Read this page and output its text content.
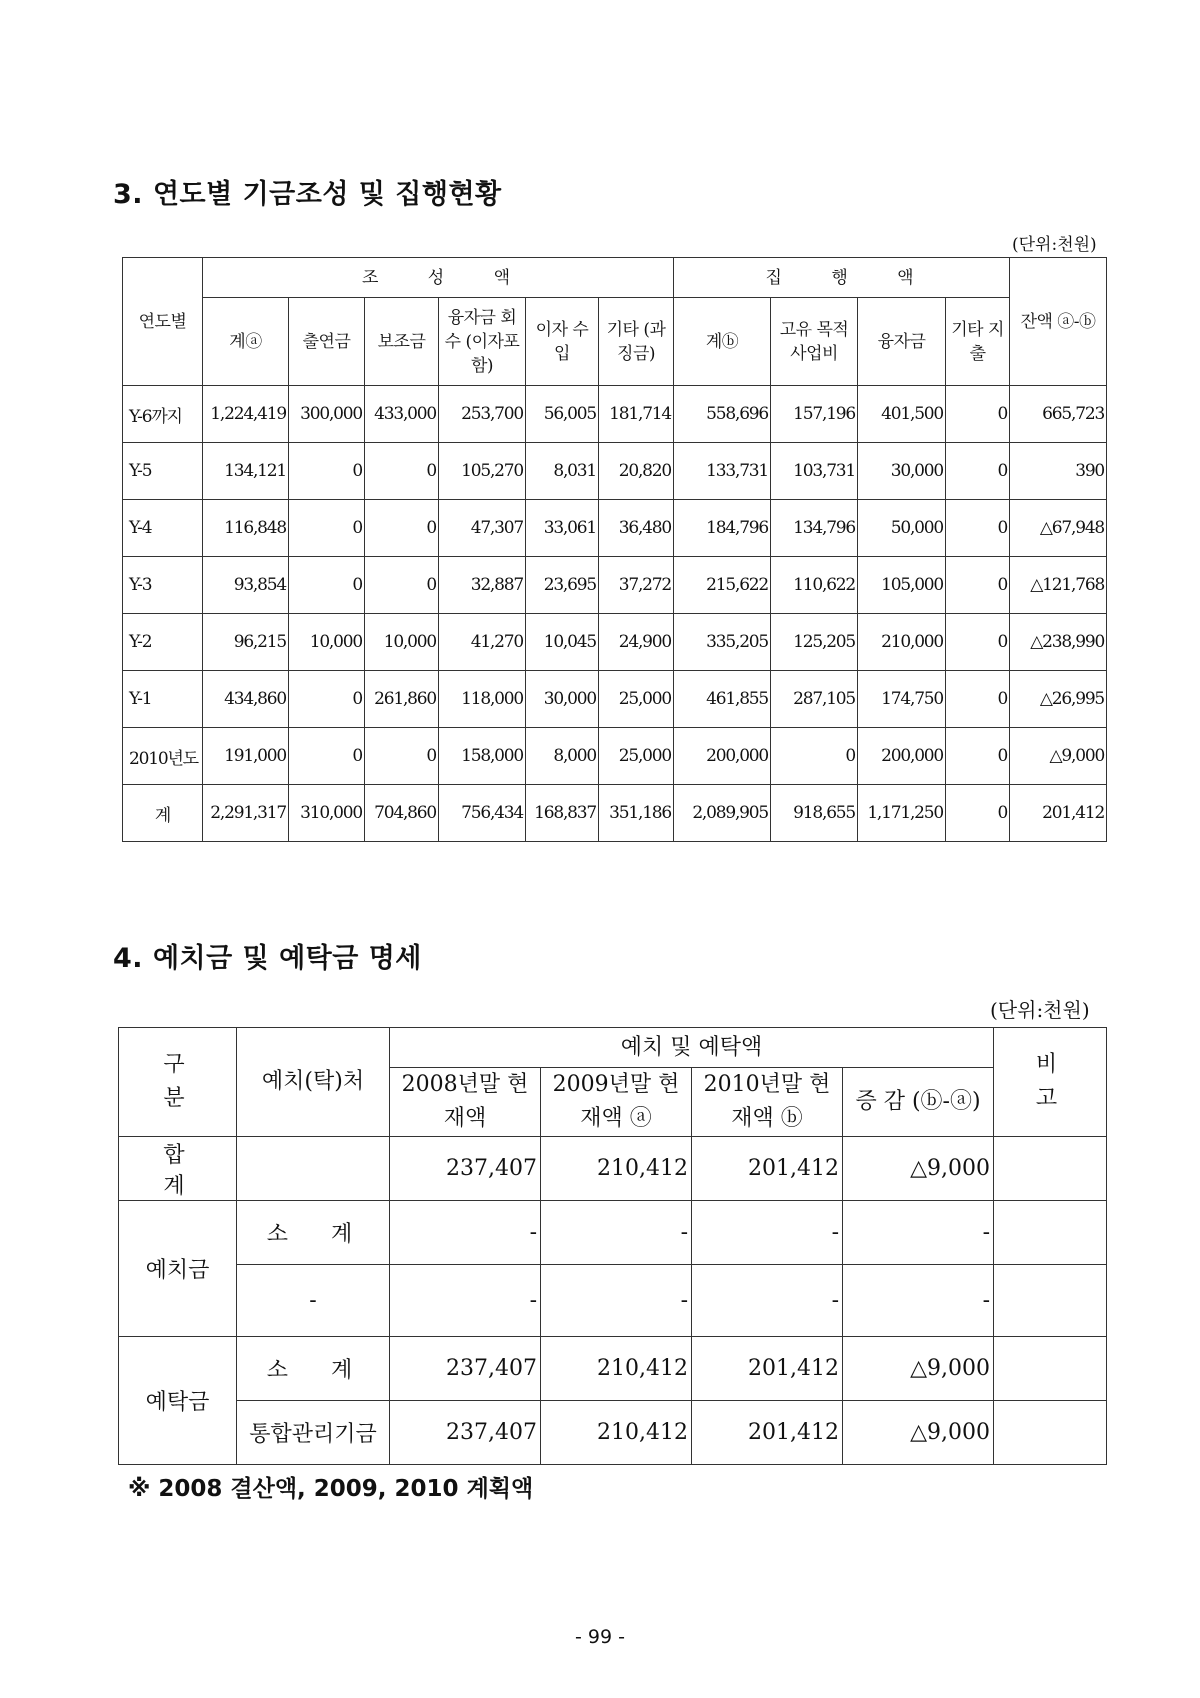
3. 연도별 기금조성 및 집행현황
(단위:천원)
연도별	조 성 액						집 행 액				잔액 ⓐ-ⓑ
	계ⓐ	출연금	보조금	융자금 회 수 (이자포함)	이자 수입	기타 (과징금)	계ⓑ	고유 목적 사업비	융자금	기타 지출	
Y-6까지	1,224,419	300,000	433,000	253,700	56,005	181,714	558,696	157,196	401,500	0	665,723
Y-5	134,121	0	0	105,270	8,031	20,820	133,731	103,731	30,000	0	390
Y-4	116,848	0	0	47,307	33,061	36,480	184,796	134,796	50,000	0	△67,948
Y-3	93,854	0	0	32,887	23,695	37,272	215,622	110,622	105,000	0	△121,768
Y-2	96,215	10,000	10,000	41,270	10,045	24,900	335,205	125,205	210,000	0	△238,990
Y-1	434,860	0	261,860	118,000	30,000	25,000	461,855	287,105	174,750	0	△26,995
2010년도	191,000	0	0	158,000	8,000	25,000	200,000	0	200,000	0	△9,000
계	2,291,317	310,000	704,860	756,434	168,837	351,186	2,089,905	918,655	1,171,250	0	201,412
4. 예치금 및 예탁금 명세
(단위:천원)
구 분	예치(탁)처	예치 및 예탁액				비 고
		2008년말 현재액	2009년말 현재액 ⓐ	2010년말 현재액 ⓑ	증 감 (ⓑ-ⓐ)	
합 계		237,407	210,412	201,412	△9,000	
예치금	소 계	-	-	-	-	
	-	-	-	-	-	
예탁금	소 계	237,407	210,412	201,412	△9,000	
	통합관리기금	237,407	210,412	201,412	△9,000	
※ 2008 결산액, 2009, 2010 계획액
- 99 -
